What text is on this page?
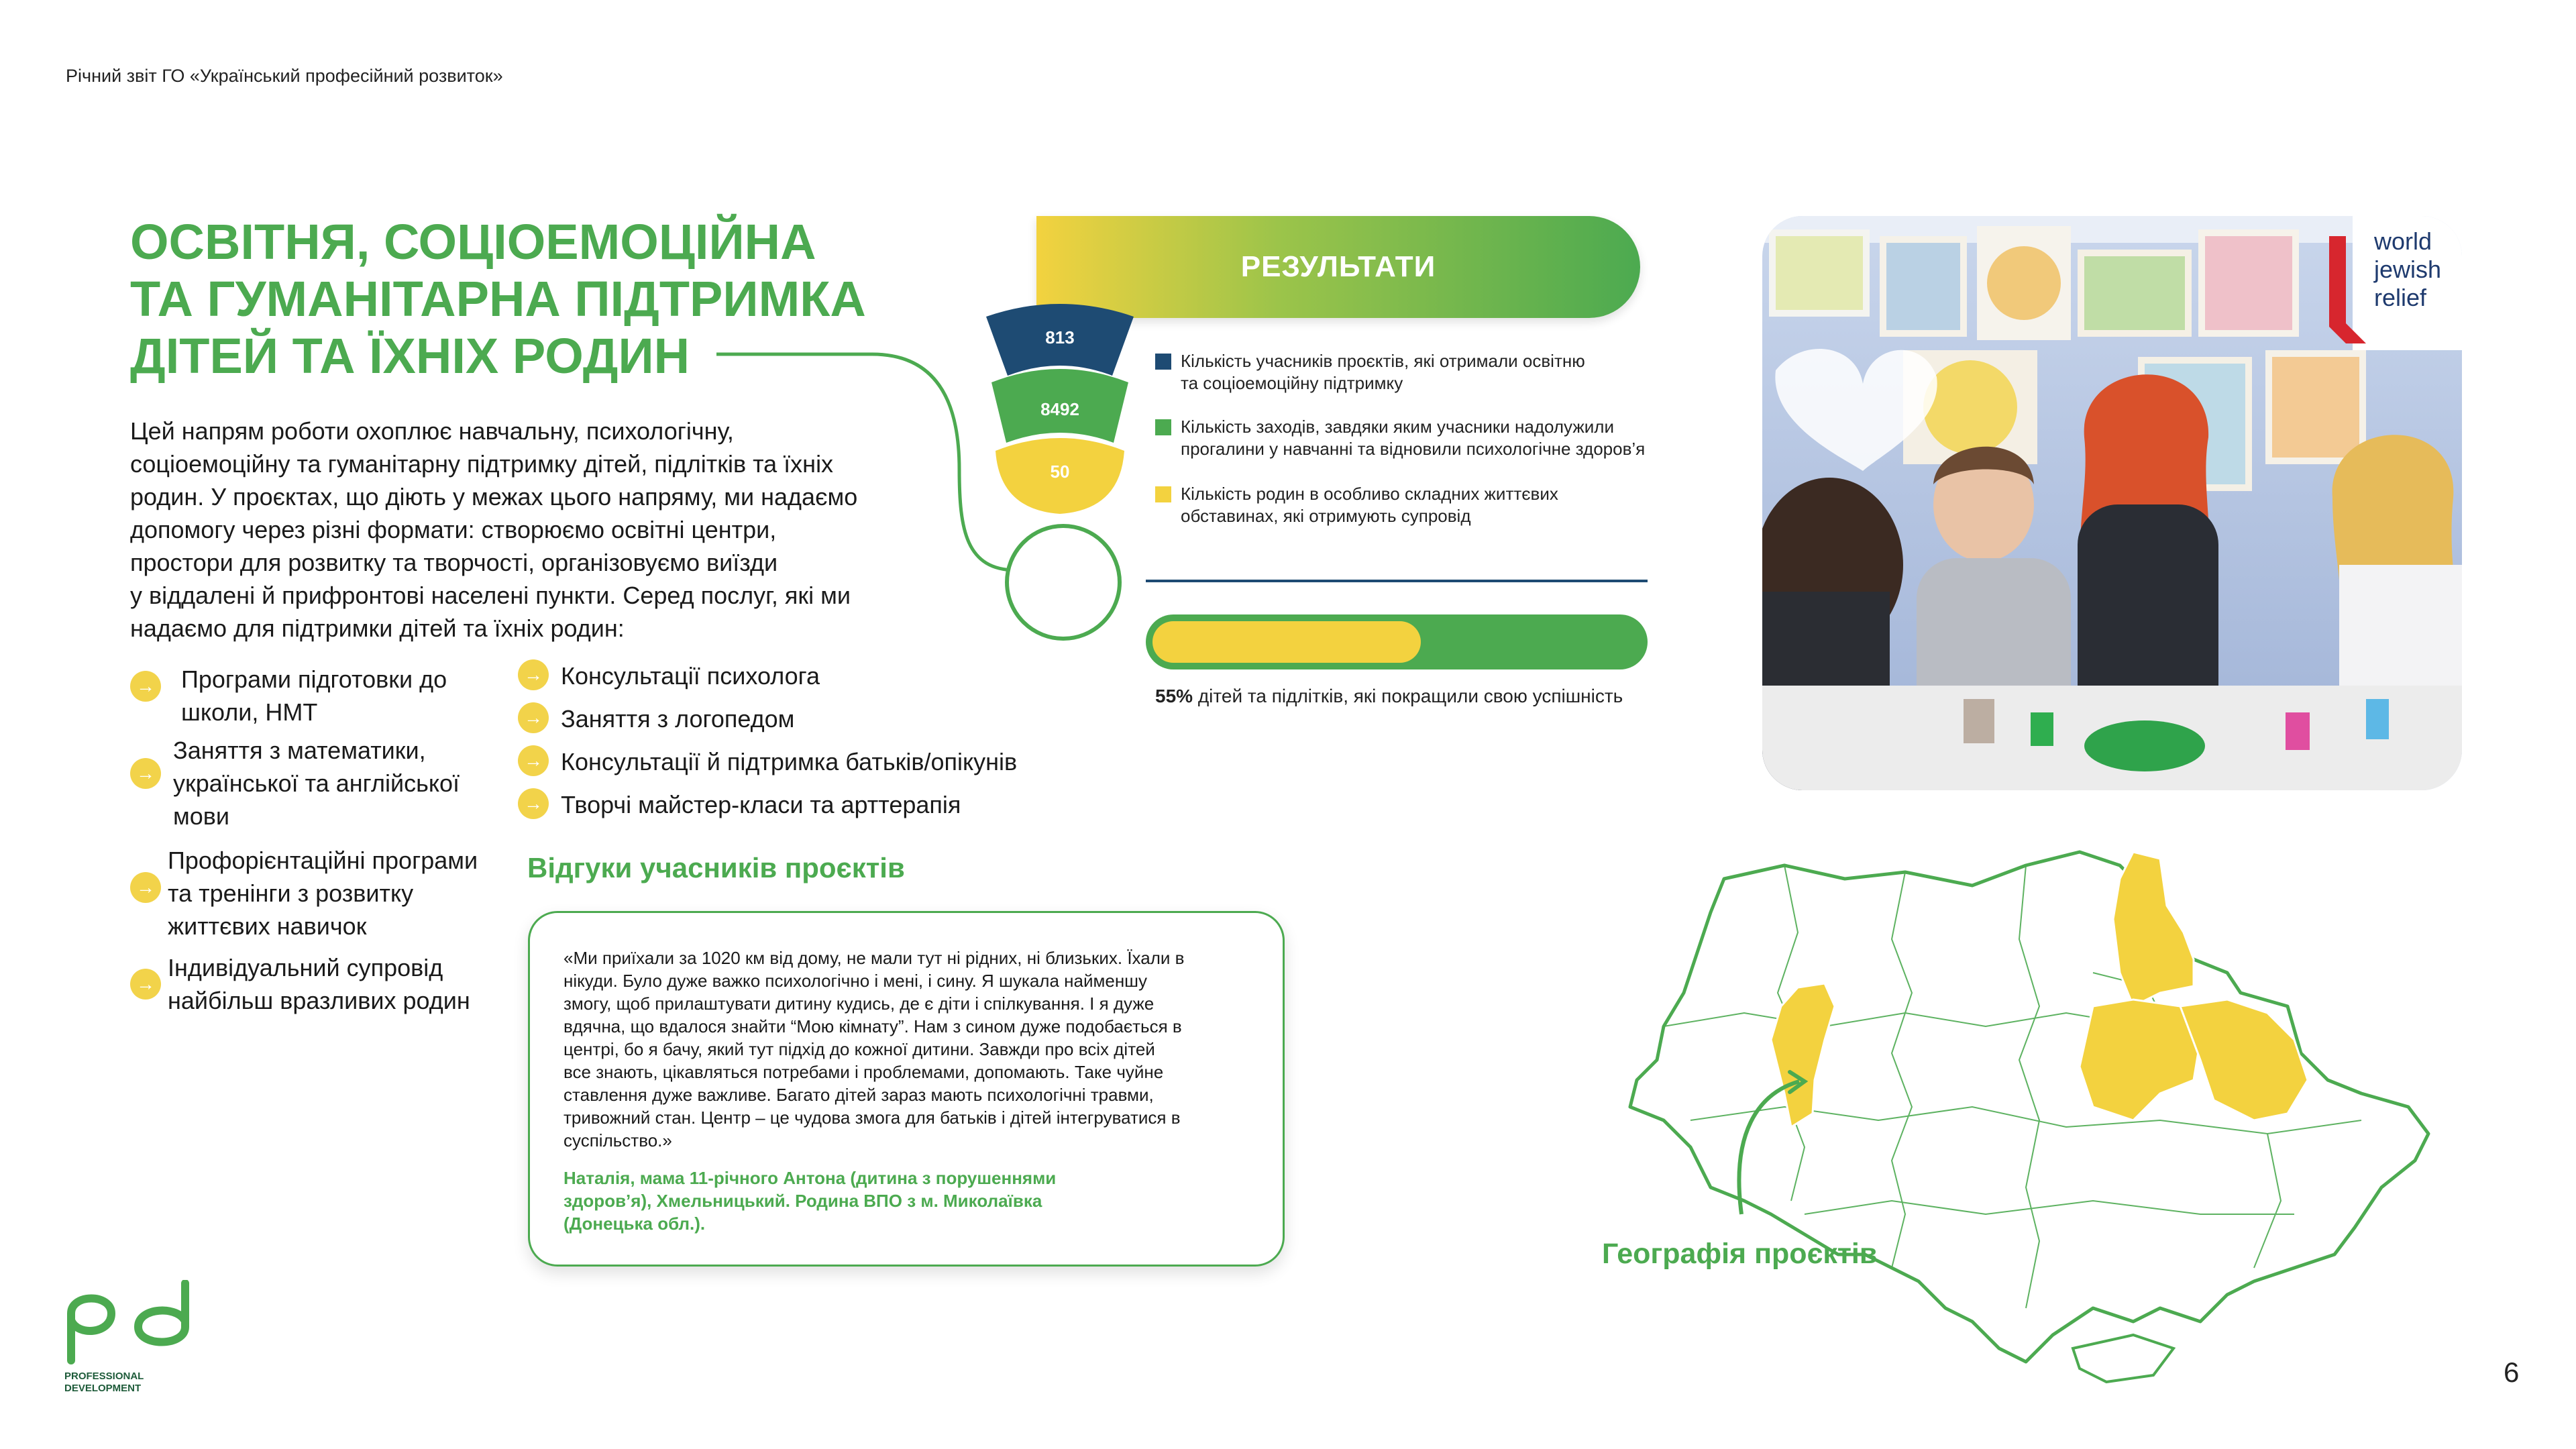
Річний звіт ГО «Український професійний розвиток»
ОСВІТНЯ, СОЦІОЕМОЦІЙНА
ТА ГУМАНІТАРНА ПІДТРИМКА
ДІТЕЙ ТА ЇХНІХ РОДИН
Цей напрям роботи охоплює навчальну, психологічну,
соціоемоційну та гуманітарну підтримку дітей, підлітків та їхніх
родин. У проєктах, що діють у межах цього напряму, ми надаємо
допомогу через різні формати: створюємо освітні центри,
простори для розвитку та творчості, організовуємо виїзди
у віддалені й прифронтові населені пункти. Серед послуг, які ми
надаємо для підтримки дітей та їхніх родин:
→ Програми підготовки до
школи, НМТ
→
Заняття з математики,
української та англійської
мови
→
Профорієнтаційні програми
та тренінги з розвитку
життєвих навичок
→
Індивідуальний супровід
найбільш вразливих родин
→ Консультації психолога
→ Заняття з логопедом
→ Консультації й підтримка батьків/опікунів
→ Творчі майстер-класи та арттерапія
РЕЗУЛЬТАТИ
813
8492
50
Кількість учасників проєктів, які отримали освітню
та соціоемоційну підтримку
Кількість заходів, завдяки яким учасники надолужили
прогалини у навчанні та відновили психологічне здоров’я
Кількість родин в особливо складних життєвих
обставинах, які отримують супровід
55% дітей та підлітків, які покращили свою успішність
Відгуки учасників проєктів
«Ми приїхали за 1020 км від дому, не мали тут ні рідних, ні близьких. Їхали в
нікуди. Було дуже важко психологічно і мені, і сину. Я шукала найменшу
змогу, щоб прилаштувати дитину кудись, де є діти і спілкування. І я дуже
вдячна, що вдалося знайти “Мою кімнату”. Нам з сином дуже подобається в
центрі, бо я бачу, який тут підхід до кожної дитини. Завжди про всіх дітей
все знають, цікавляться потребами і проблемами, допомають. Таке чуйне
ставлення дуже важливе. Багато дітей зараз мають психологічні травми,
тривожний стан. Центр – це чудова змога для батьків і дітей інтегруватися в
суспільство.»
Наталія, мама 11-річного Антона (дитина з порушеннями
здоров’я), Хмельницький. Родина ВПО з м. Миколаївка
(Донецька обл.).
world
jewish
relief
Географія проєктів
PROFESSIONAL
DEVELOPMENT
6
